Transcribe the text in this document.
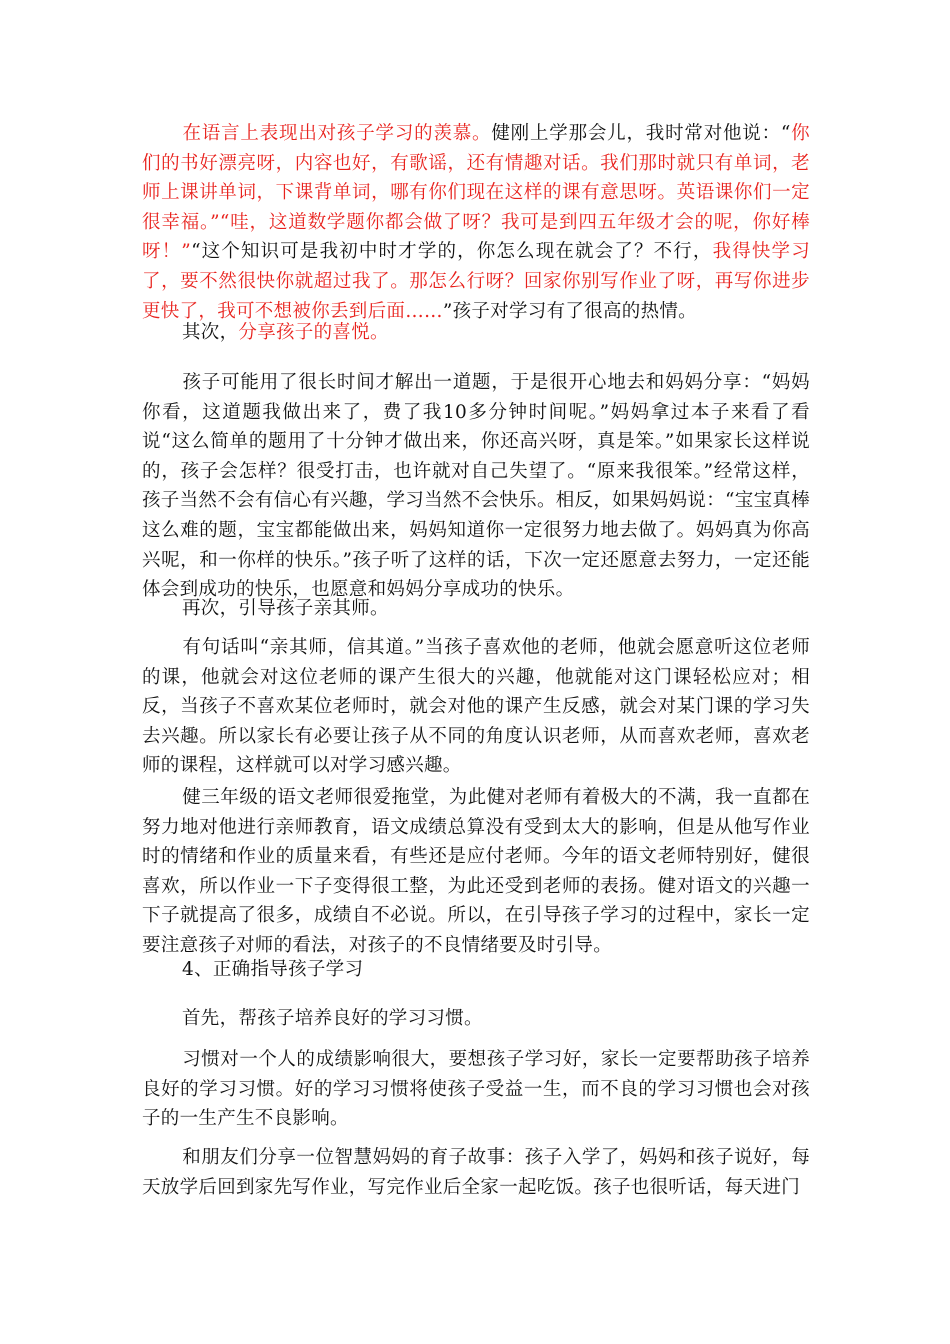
在语言上表现出对孩子学习的羡慕。健刚上学那会儿，我时常对他说：“你们的书好漂亮呀，内容也好，有歌谣，还有情趣对话。我们那时就只有单词，老师上课讲单词，下课背单词，哪有你们现在这样的课有意思呀。英语课你们一定很幸福。”“哇，这道数学题你都会做了呀？我可是到四五年级才会的呢，你好棒呀！”“这个知识可是我初中时才学的，你怎么现在就会了？不行，我得快学习了，要不然很快你就超过我了。那怎么行呀？回家你别写作业了呀，再写你进步更快了，我可不想被你丢到后面……”孩子对学习有了很高的热情。

其次，分享孩子的喜悦。

孩子可能用了很长时间才解出一道题，于是很开心地去和妈妈分享：“妈妈你看，这道题我做出来了，费了我10多分钟时间呢。”妈妈拿过本子来看了看说“这么简单的题用了十分钟才做出来，你还高兴呀，真是笨。”如果家长这样说的，孩子会怎样？很受打击，也许就对自己失望了。“原来我很笨。”经常这样，孩子当然不会有信心有兴趣，学习当然不会快乐。相反，如果妈妈说：“宝宝真棒这么难的题，宝宝都能做出来，妈妈知道你一定很努力地去做了。妈妈真为你高兴呢，和一你样的快乐。”孩子听了这样的话，下次一定还愿意去努力，一定还能体会到成功的快乐，也愿意和妈妈分享成功的快乐。

再次，引导孩子亲其师。

有句话叫“亲其师，信其道。”当孩子喜欢他的老师，他就会愿意听这位老师的课，他就会对这位老师的课产生很大的兴趣，他就能对这门课轻松应对；相反，当孩子不喜欢某位老师时，就会对他的课产生反感，就会对某门课的学习失去兴趣。所以家长有必要让孩子从不同的角度认识老师，从而喜欢老师，喜欢老师的课程，这样就可以对学习感兴趣。

健三年级的语文老师很爱拖堂，为此健对老师有着极大的不满，我一直都在努力地对他进行亲师教育，语文成绩总算没有受到太大的影响，但是从他写作业时的情绪和作业的质量来看，有些还是应付老师。今年的语文老师特别好，健很喜欢，所以作业一下子变得很工整，为此还受到老师的表扬。健对语文的兴趣一下子就提高了很多，成绩自不必说。所以，在引导孩子学习的过程中，家长一定要注意孩子对师的看法，对孩子的不良情绪要及时引导。

4、正确指导孩子学习

首先，帮孩子培养良好的学习习惯。

习惯对一个人的成绩影响很大，要想孩子学习好，家长一定要帮助孩子培养良好的学习习惯。好的学习习惯将使孩子受益一生，而不良的学习习惯也会对孩子的一生产生不良影响。

和朋友们分享一位智慧妈妈的育子故事：孩子入学了，妈妈和孩子说好，每天放学后回到家先写作业，写完作业后全家一起吃饭。孩子也很听话，每天进门
